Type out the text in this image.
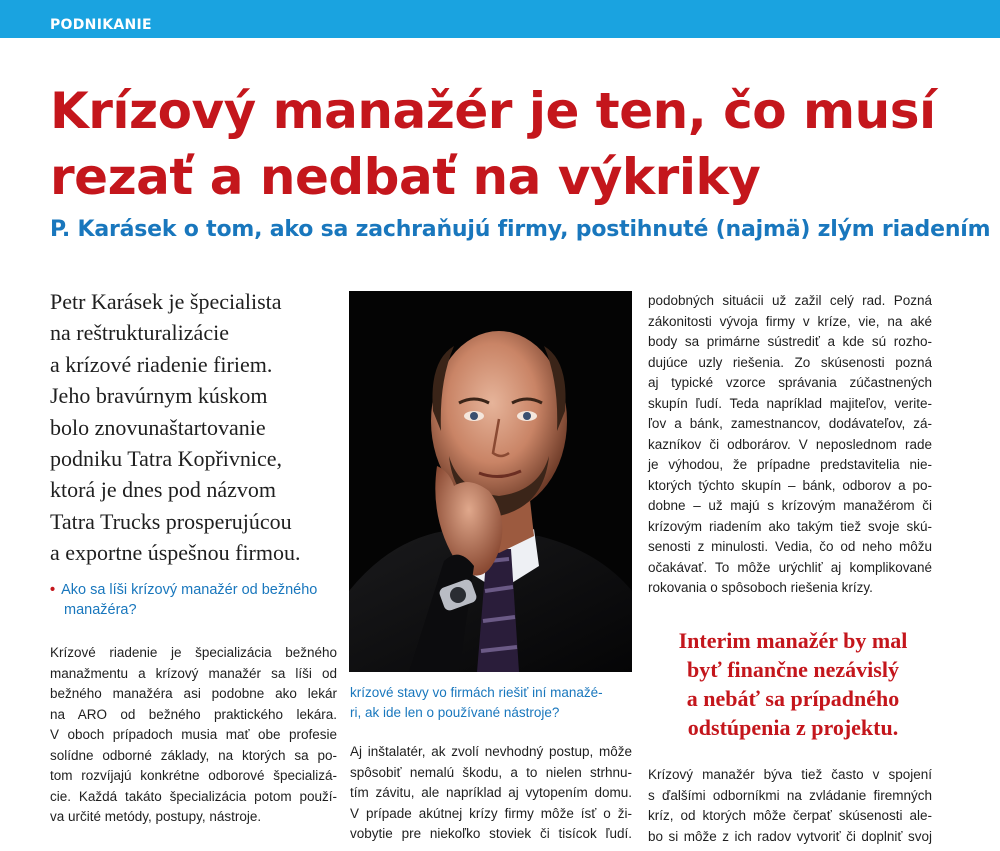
PODNIKANIE
Krízový manažér je ten, čo musí
rezať a nedbať na výkriky
P. Karásek o tom, ako sa zachraňujú firmy, postihnuté (najmä) zlým riadením
Petr Karásek je špecialista
na reštrukturalizácie
a krízové riadenie firiem.
Jeho bravúrnym kúskom
bolo znovunaštartovanie
podniku Tatra Kopřivnice,
ktorá je dnes pod názvom
Tatra Trucks prosperujúcou
a exportne úspešnou firmou.
• Ako sa líši krízový manažér od bežného
manažéra?
Krízové riadenie je špecializácia bežného
manažmentu a krízový manažér sa líši od
bežného manažéra asi podobne ako lekár
na ARO od bežného praktického lekára.
V oboch prípadoch musia mať obe profesie
solídne odborné základy, na ktorých sa po-
tom rozvíjajú konkrétne odborové špecializá-
cie. Každá takáto špecializácia potom použí-
va určité metódy, postupy, nástroje.
krízové stavy vo firmách riešiť iní manažé-
ri, ak ide len o používané nástroje?
Aj inštalatér, ak zvolí nevhodný postup, môže
spôsobiť nemalú škodu, a to nielen strhnu-
tím závitu, ale napríklad aj vytopením domu.
V prípade akútnej krízy firmy môže ísť o ži-
vobytie pre niekoľko stoviek či tisícok ľudí.
podobných situácii už zažil celý rad. Pozná
zákonitosti vývoja firmy v kríze, vie, na aké
body sa primárne sústrediť a kde sú rozho-
dujúce uzly riešenia. Zo skúsenosti pozná
aj typické vzorce správania zúčastnených
skupín ľudí. Teda napríklad majiteľov, verite-
ľov a bánk, zamestnancov, dodávateľov, zá-
kazníkov či odborárov. V neposlednom rade
je výhodou, že prípadne predstavitelia nie-
ktorých týchto skupín – bánk, odborov a po-
dobne – už majú s krízovým manažérom či
krízovým riadením ako takým tiež svoje skú-
senosti z minulosti. Vedia, čo od neho môžu
očakávať. To môže urýchliť aj komplikované
rokovania o spôsoboch riešenia krízy.
Interim manažér by mal
byť finančne nezávislý
a nebáť sa prípadného
odstúpenia z projektu.
Krízový manažér býva tiež často v spojení
s ďalšími odborníkmi na zvládanie firemných
kríz, od ktorých môže čerpať skúsenosti ale-
bo si môže z ich radov vytvoriť či doplniť svoj
